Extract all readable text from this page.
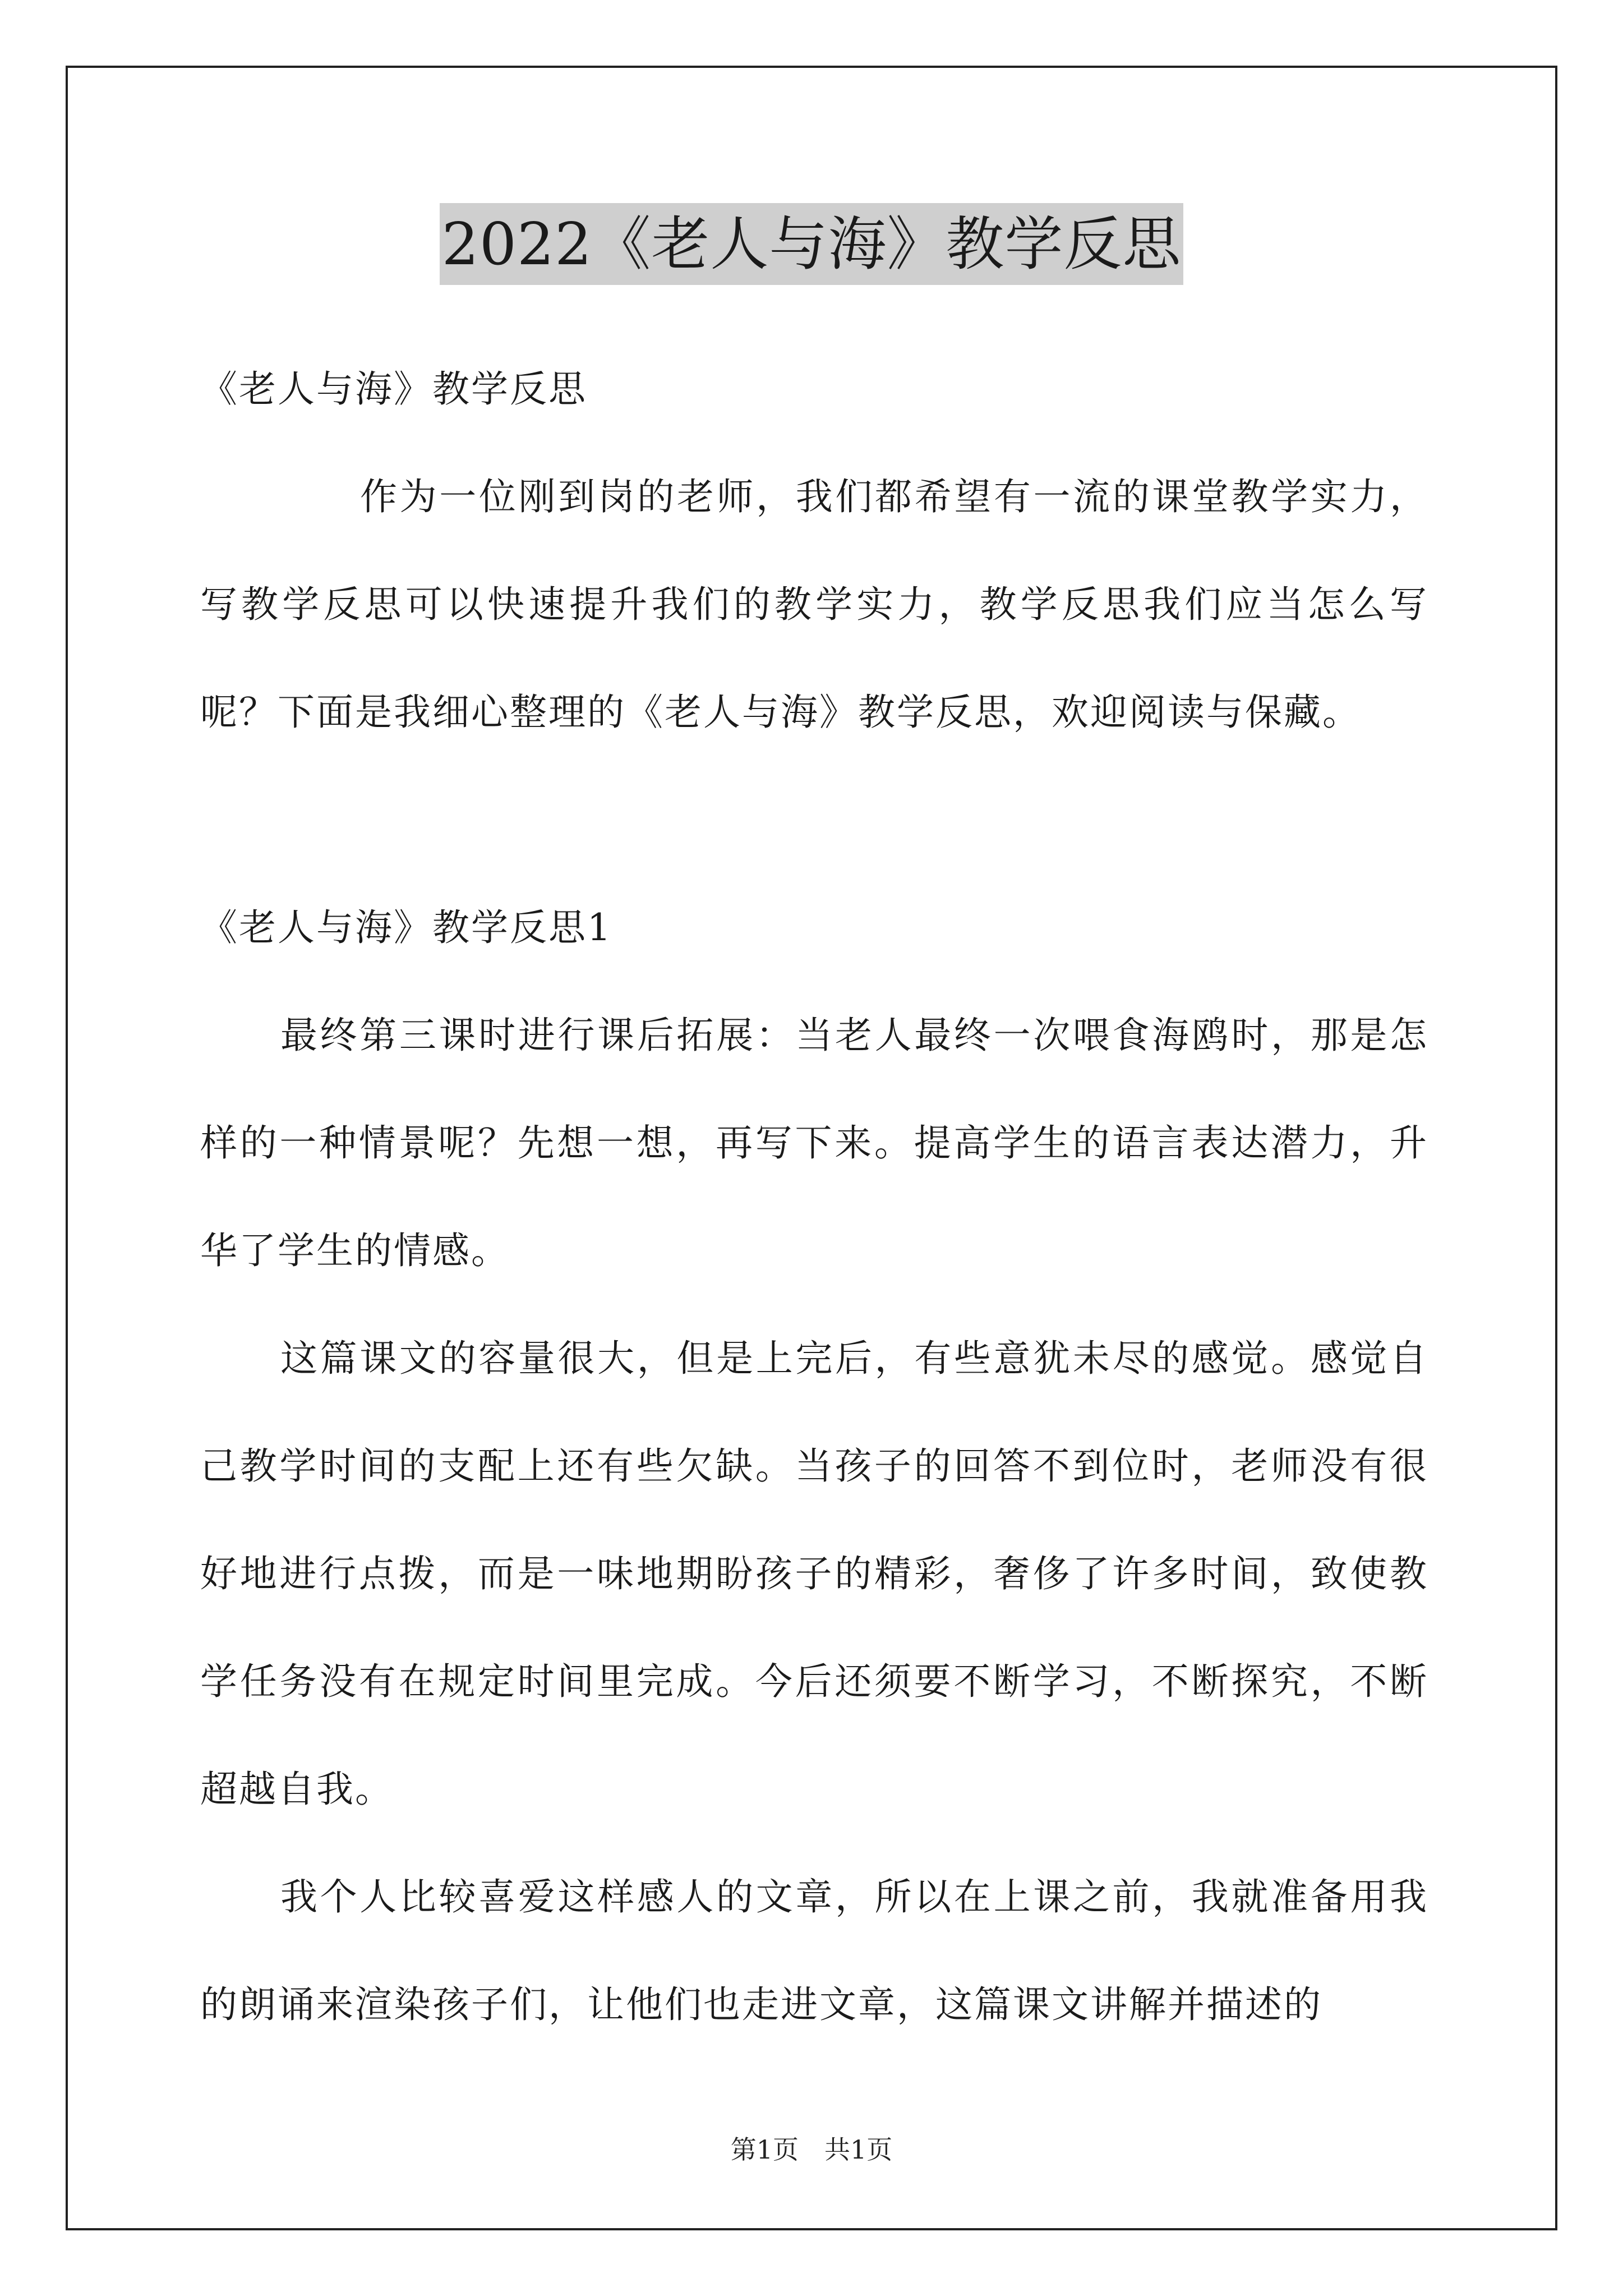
2022《老人与海》教学反思

《老人与海》教学反思

作为一位刚到岗的老师，我们都希望有一流的课堂教学实力，写教学反思可以快速提升我们的教学实力，教学反思我们应当怎么写呢？下面是我细心整理的《老人与海》教学反思，欢迎阅读与保藏。

《老人与海》教学反思1

最终第三课时进行课后拓展：当老人最终一次喂食海鸥时，那是怎样的一种情景呢？先想一想，再写下来。提高学生的语言表达潜力，升华了学生的情感。

这篇课文的容量很大，但是上完后，有些意犹未尽的感觉。感觉自己教学时间的支配上还有些欠缺。当孩子的回答不到位时，老师没有很好地进行点拨，而是一味地期盼孩子的精彩，奢侈了许多时间，致使教学任务没有在规定时间里完成。今后还须要不断学习，不断探究，不断超越自我。

我个人比较喜爱这样感人的文章，所以在上课之前，我就准备用我的朗诵来渲染孩子们，让他们也走进文章，这篇课文讲解并描述的

第1页　共1页
